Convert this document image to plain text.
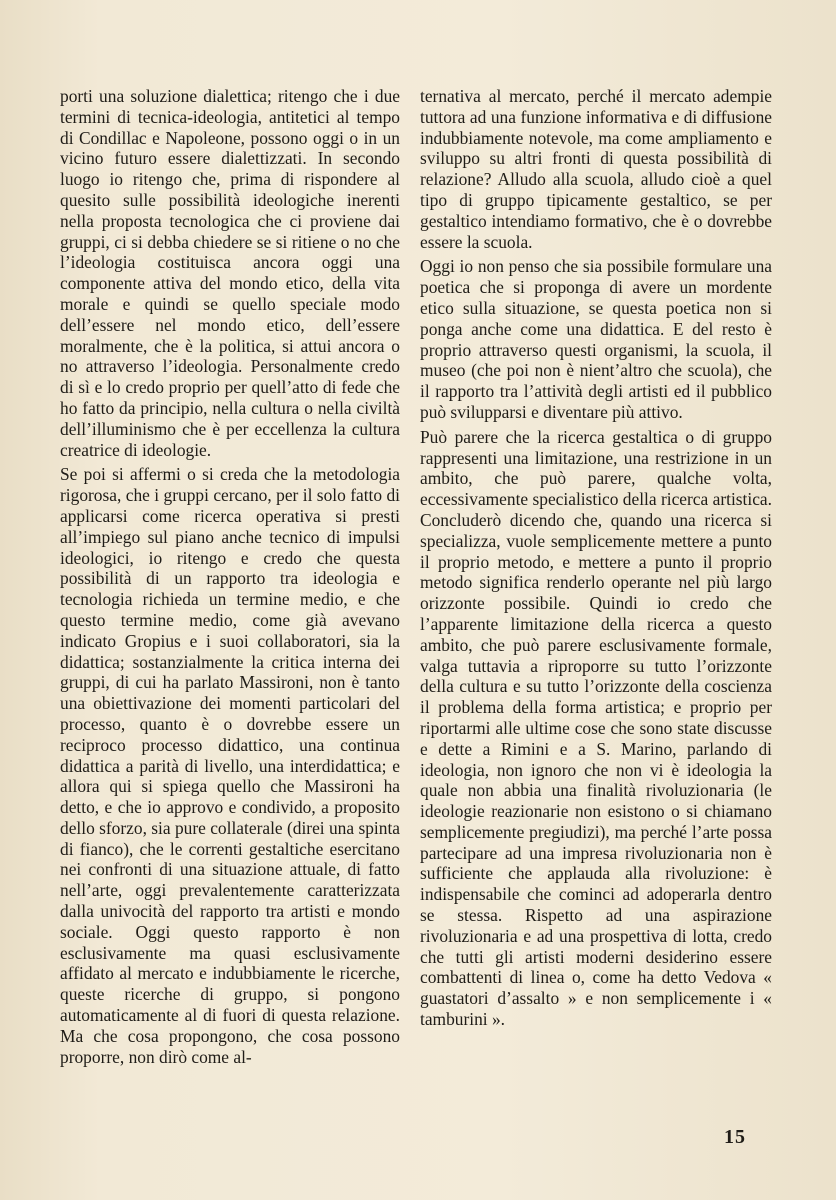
porti una soluzione dialettica; ritengo che i due termini di tecnica-ideologia, antitetici al tempo di Condillac e Napoleone, possono oggi o in un vicino futuro essere dialettizzati. In secondo luogo io ritengo che, prima di rispondere al quesito sulle possibilità ideologiche inerenti nella proposta tecnologica che ci proviene dai gruppi, ci si debba chiedere se si ritiene o no che l’ideologia costituisca ancora oggi una componente attiva del mondo etico, della vita morale e quindi se quello speciale modo dell’essere nel mondo etico, dell’essere moralmente, che è la politica, si attui ancora o no attraverso l’ideologia. Personalmente credo di sì e lo credo proprio per quell’atto di fede che ho fatto da principio, nella cultura o nella civiltà dell’illuminismo che è per eccellenza la cultura creatrice di ideologie.

Se poi si affermi o si creda che la metodologia rigorosa, che i gruppi cercano, per il solo fatto di applicarsi come ricerca operativa si presti all’impiego sul piano anche tecnico di impulsi ideologici, io ritengo e credo che questa possibilità di un rapporto tra ideologia e tecnologia richieda un termine medio, e che questo termine medio, come già avevano indicato Gropius e i suoi collaboratori, sia la didattica; sostanzialmente la critica interna dei gruppi, di cui ha parlato Massironi, non è tanto una obiettivazione dei momenti particolari del processo, quanto è o dovrebbe essere un reciproco processo didattico, una continua didattica a parità di livello, una interdidattica; e allora qui si spiega quello che Massironi ha detto, e che io approvo e condivido, a proposito dello sforzo, sia pure collaterale (direi una spinta di fianco), che le correnti gestaltiche esercitano nei confronti di una situazione attuale, di fatto nell’arte, oggi prevalentemente caratterizzata dalla univocità del rapporto tra artisti e mondo sociale. Oggi questo rapporto è non esclusivamente ma quasi esclusivamente affidato al mercato e indubbiamente le ricerche, queste ricerche di gruppo, si pongono automaticamente al di fuori di questa relazione. Ma che cosa propongono, che cosa possono proporre, non dirò come al-

ternativa al mercato, perché il mercato adempie tuttora ad una funzione informativa e di diffusione indubbiamente notevole, ma come ampliamento e sviluppo su altri fronti di questa possibilità di relazione? Alludo alla scuola, alludo cioè a quel tipo di gruppo tipicamente gestaltico, se per gestaltico intendiamo formativo, che è o dovrebbe essere la scuola.

Oggi io non penso che sia possibile formulare una poetica che si proponga di avere un mordente etico sulla situazione, se questa poetica non si ponga anche come una didattica. E del resto è proprio attraverso questi organismi, la scuola, il museo (che poi non è nient’altro che scuola), che il rapporto tra l’attività degli artisti ed il pubblico può svilupparsi e diventare più attivo.

Può parere che la ricerca gestaltica o di gruppo rappresenti una limitazione, una restrizione in un ambito, che può parere, qualche volta, eccessivamente specialistico della ricerca artistica. Concluderò dicendo che, quando una ricerca si specializza, vuole semplicemente mettere a punto il proprio metodo, e mettere a punto il proprio metodo significa renderlo operante nel più largo orizzonte possibile. Quindi io credo che l’apparente limitazione della ricerca a questo ambito, che può parere esclusivamente formale, valga tuttavia a riproporre su tutto l’orizzonte della cultura e su tutto l’orizzonte della coscienza il problema della forma artistica; e proprio per riportarmi alle ultime cose che sono state discusse e dette a Rimini e a S. Marino, parlando di ideologia, non ignoro che non vi è ideologia la quale non abbia una finalità rivoluzionaria (le ideologie reazionarie non esistono o si chiamano semplicemente pregiudizi), ma perché l’arte possa partecipare ad una impresa rivoluzionaria non è sufficiente che applauda alla rivoluzione: è indispensabile che cominci ad adoperarla dentro se stessa. Rispetto ad una aspirazione rivoluzionaria e ad una prospettiva di lotta, credo che tutti gli artisti moderni desiderino essere combattenti di linea o, come ha detto Vedova « guastatori d’assalto » e non semplicemente i « tamburini ».

15
